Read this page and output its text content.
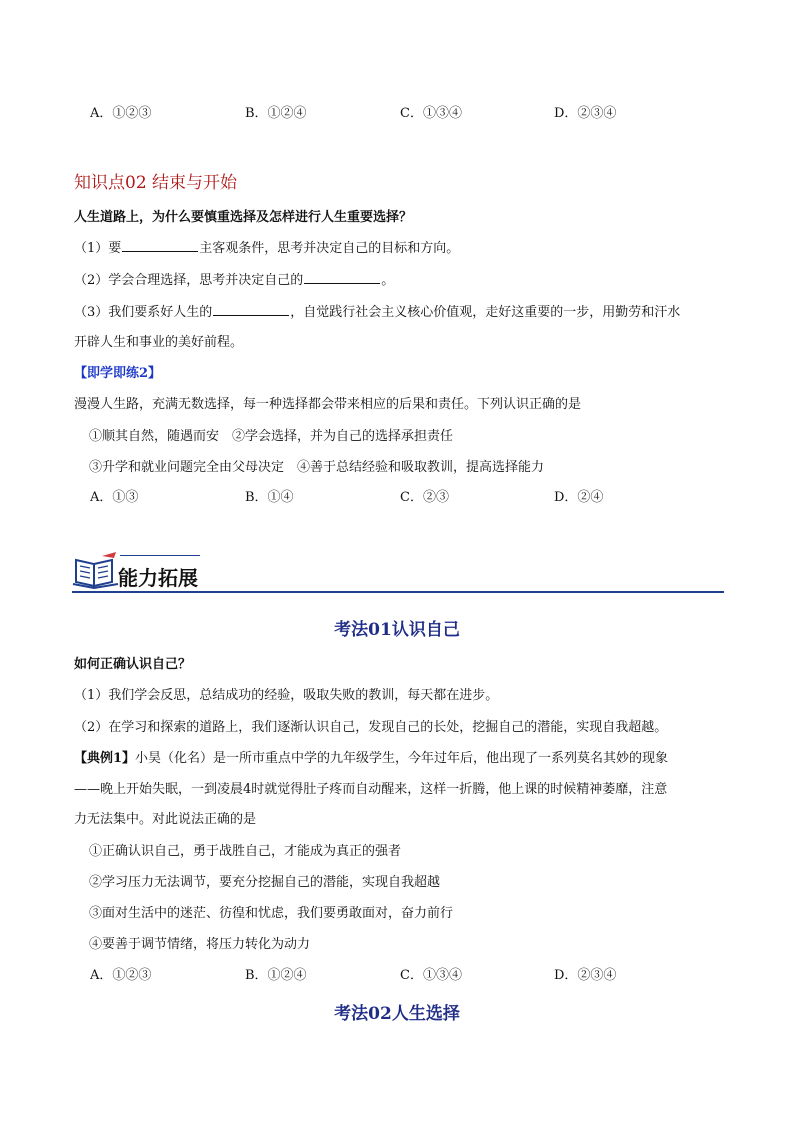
A．①②③	B．①②④	C．①③④	D．②③④
知识点02 结束与开始
人生道路上，为什么要慎重选择及怎样进行人生重要选择？
（1）要	主客观条件，思考并决定自己的目标和方向。
（2）学会合理选择，思考并决定自己的	。
（3）我们要系好人生的	，自觉践行社会主义核心价值观，走好这重要的一步，用勤劳和汗水
开辟人生和事业的美好前程。
【即学即练2】
漫漫人生路，充满无数选择，每一种选择都会带来相应的后果和责任。下列认识正确的是
①顺其自然，随遇而安　②学会选择，并为自己的选择承担责任
③升学和就业问题完全由父母决定　④善于总结经验和吸取教训，提高选择能力
A．①③	B．①④	C．②③	D．②④
能力拓展
考法01认识自己
如何正确认识自己？
（1）我们学会反思，总结成功的经验，吸取失败的教训，每天都在进步。
（2）在学习和探索的道路上，我们逐渐认识自己，发现自己的长处，挖掘自己的潜能，实现自我超越。
【典例1】小昊（化名）是一所市重点中学的九年级学生，今年过年后，他出现了一系列莫名其妙的现象
——晚上开始失眠，一到凌晨4时就觉得肚子疼而自动醒来，这样一折腾，他上课的时候精神萎靡，注意
力无法集中。对此说法正确的是
①正确认识自己，勇于战胜自己，才能成为真正的强者
②学习压力无法调节，要充分挖掘自己的潜能，实现自我超越
③面对生活中的迷茫、彷徨和忧虑，我们要勇敢面对，奋力前行
④要善于调节情绪，将压力转化为动力
A．①②③	B．①②④	C．①③④	D．②③④
考法02人生选择
